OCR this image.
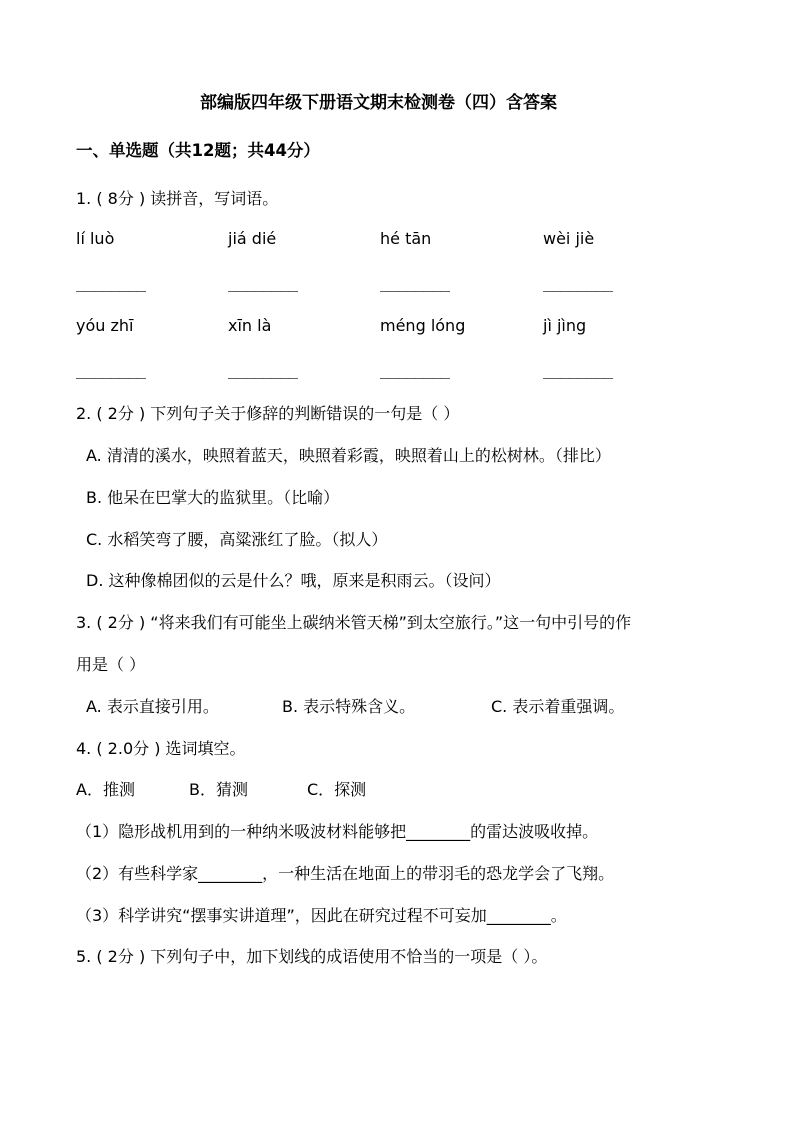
部编版四年级下册语文期末检测卷（四）含答案
一、单选题（共12题；共44分）
1. ( 8分 ) 读拼音，写词语。
lí luò	jiá dié	hé tān	wèi jiè
________	________	________	________
yóu zhī	xīn là	méng lóng	jì jìng
________	________	________	________
2. ( 2分 ) 下列句子关于修辞的判断错误的一句是（ ）
A. 清清的溪水，映照着蓝天，映照着彩霞，映照着山上的松树林。（排比）
B. 他呆在巴掌大的监狱里。（比喻）
C. 水稻笑弯了腰，高粱涨红了脸。（拟人）
D. 这种像棉团似的云是什么？哦，原来是积雨云。（设问）
3. ( 2分 ) “将来我们有可能坐上碳纳米管天梯”到太空旅行。”这一句中引号的作
用是（ ）
A. 表示直接引用。	B. 表示特殊含义。	C. 表示着重强调。
4. ( 2.0分 ) 选词填空。
A．推测	B．猜测	C．探测
（1）隐形战机用到的一种纳米吸波材料能够把________的雷达波吸收掉。
（2）有些科学家________，一种生活在地面上的带羽毛的恐龙学会了飞翔。
（3）科学讲究“摆事实讲道理”，因此在研究过程不可妄加________。
5. ( 2分 ) 下列句子中，加下划线的成语使用不恰当的一项是（ ）。
